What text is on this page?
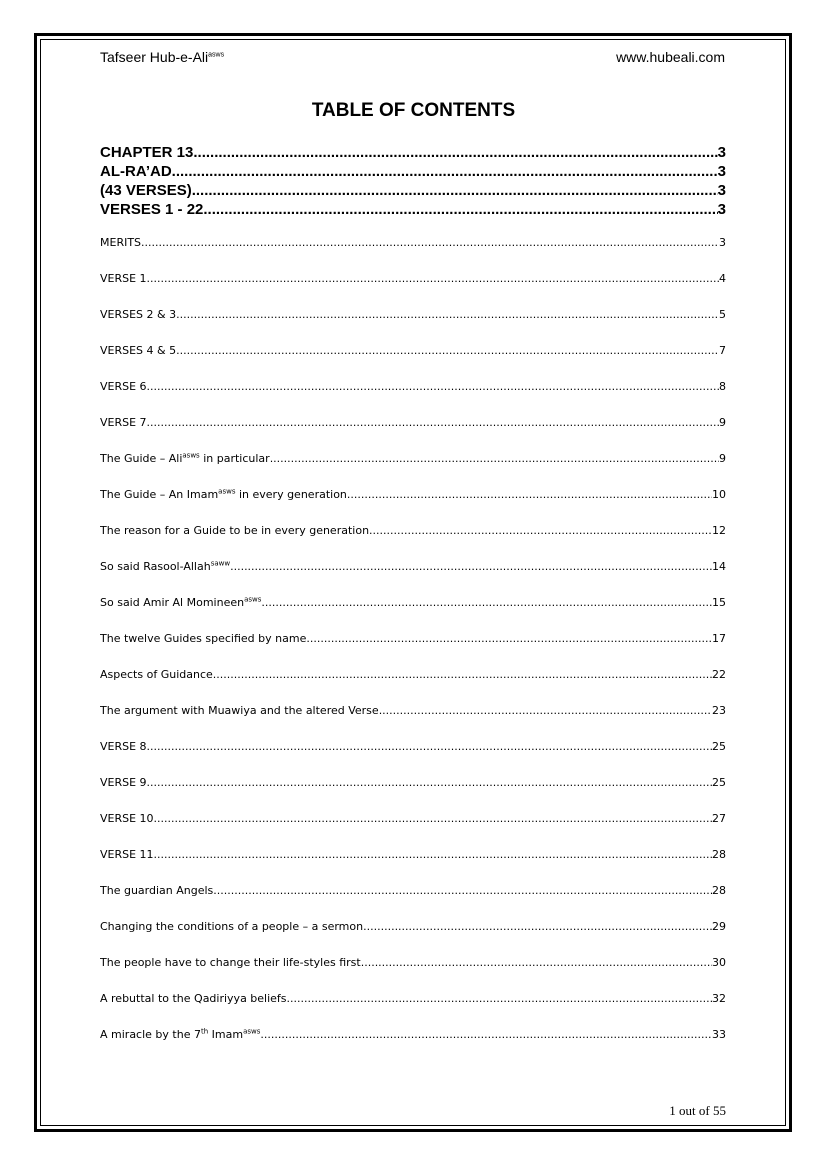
Tafseer Hub-e-Ali$^{asws}$	www.hubeali.com
TABLE OF CONTENTS
CHAPTER 13 .....	3
AL-RA’AD .....	3
(43 VERSES) .....	3
VERSES 1 - 22 .....	3
MERITS .....	3
VERSE 1 .....	4
VERSES 2 & 3 .....	5
VERSES 4 & 5 .....	7
VERSE 6 .....	8
VERSE 7 .....	9
The Guide – Ali$^{asws}$ in particular .....	9
The Guide – An Imam$^{asws}$ in every generation .....	10
The reason for a Guide to be in every generation .....	12
So said Rasool-Allah$^{saww}$ .....	14
So said Amir Al Momineen$^{asws}$ .....	15
The twelve Guides specified by name .....	17
Aspects of Guidance .....	22
The argument with Muawiya and the altered Verse .....	23
VERSE 8 .....	25
VERSE 9 .....	25
VERSE 10 .....	27
VERSE 11 .....	28
The guardian Angels .....	28
Changing the conditions of a people – a sermon .....	29
The people have to change their life-styles first .....	30
A rebuttal to the Qadiriyya beliefs .....	32
A miracle by the 7th Imam$^{asws}$ .....	33
1 out of 55
